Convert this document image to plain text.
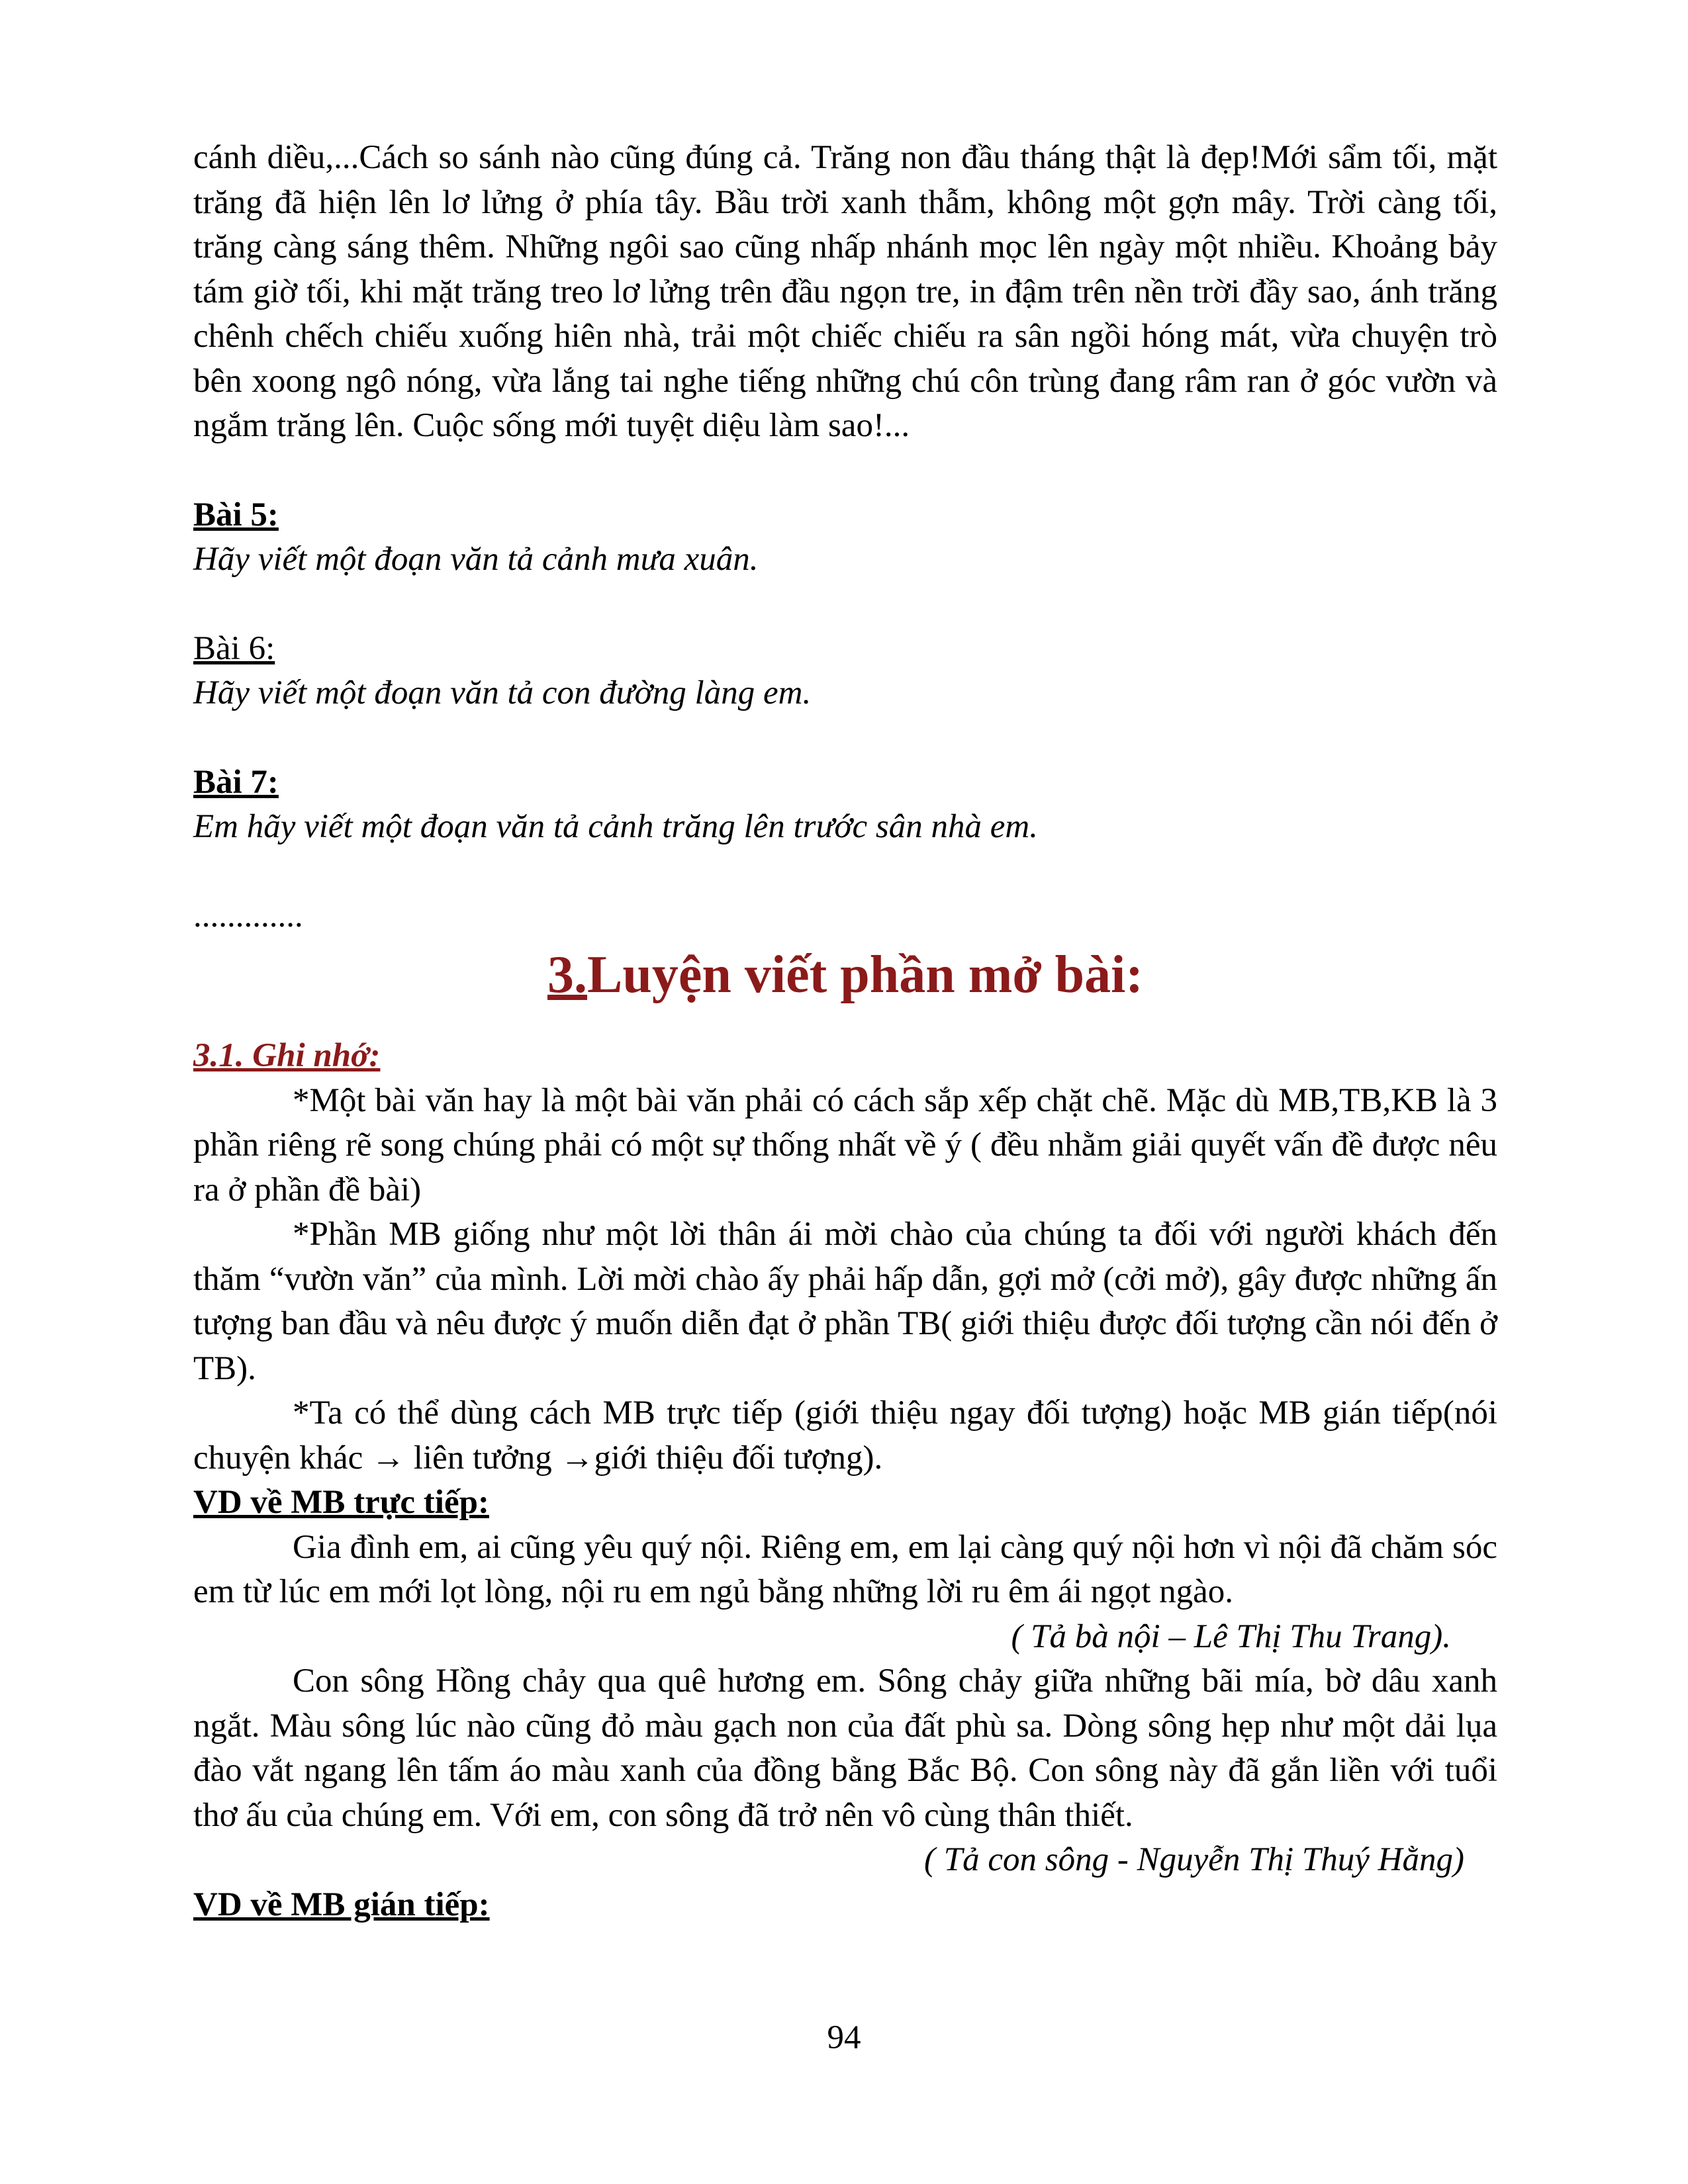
cánh diều,...Cách so sánh nào cũng đúng cả. Trăng non đầu tháng thật là đẹp!Mới sẩm tối, mặt trăng đã hiện lên lơ lửng ở phía tây. Bầu trời xanh thẫm, không một gợn mây. Trời càng tối, trăng càng sáng thêm. Những ngôi sao cũng nhấp nhánh mọc lên ngày một nhiều. Khoảng bảy tám giờ tối, khi mặt trăng treo lơ lửng trên đầu ngọn tre, in đậm trên nền trời đầy sao, ánh trăng chênh chếch chiếu xuống hiên nhà, trải một chiếc chiếu ra sân ngồi hóng mát, vừa chuyện trò bên xoong ngô nóng, vừa lắng tai nghe tiếng những chú côn trùng đang râm ran ở góc vườn và ngắm trăng lên. Cuộc sống mới tuyệt diệu làm sao!...

Bài 5:

Hãy viết một đoạn văn tả cảnh mưa xuân.

Bài 6:

Hãy viết một đoạn văn tả con đường làng em.

Bài 7:

Em hãy viết một đoạn văn tả cảnh trăng lên trước sân nhà em.

.............

3.Luyện viết phần mở bài:

3.1. Ghi nhớ:

*Một bài văn hay là một bài văn phải có cách sắp xếp chặt chẽ. Mặc dù MB,TB,KB là 3 phần riêng rẽ song chúng phải có một sự thống nhất về ý ( đều nhằm giải quyết vấn đề được nêu ra ở phần đề bài)

*Phần MB giống như một lời thân ái mời chào của chúng ta đối với người khách đến thăm “vườn văn” của mình. Lời mời chào ấy phải hấp dẫn, gợi mở (cởi mở), gây được những ấn tượng ban đầu và nêu được ý muốn diễn đạt ở phần TB( giới thiệu được đối tượng cần nói đến ở TB).

*Ta có thể dùng cách MB trực tiếp (giới thiệu ngay đối tượng) hoặc MB gián tiếp(nói chuyện khác → liên tưởng →giới thiệu đối tượng).

VD về MB trực tiếp:

Gia đình em, ai cũng yêu quý nội. Riêng em, em lại càng quý nội hơn vì nội đã chăm sóc em từ lúc em mới lọt lòng, nội ru em ngủ bằng những lời ru êm ái ngọt ngào.

( Tả bà nội – Lê Thị Thu Trang).

Con sông Hồng chảy qua quê hương em. Sông chảy giữa những bãi mía, bờ dâu xanh ngắt. Màu sông lúc nào cũng đỏ màu gạch non của đất phù sa. Dòng sông hẹp như một dải lụa đào vắt ngang lên tấm áo màu xanh của đồng bằng Bắc Bộ. Con sông này đã gắn liền với tuổi thơ ấu của chúng em. Với em, con sông đã trở nên vô cùng thân thiết.

( Tả con sông - Nguyễn Thị Thuý Hằng)

VD về MB gián tiếp:

94
